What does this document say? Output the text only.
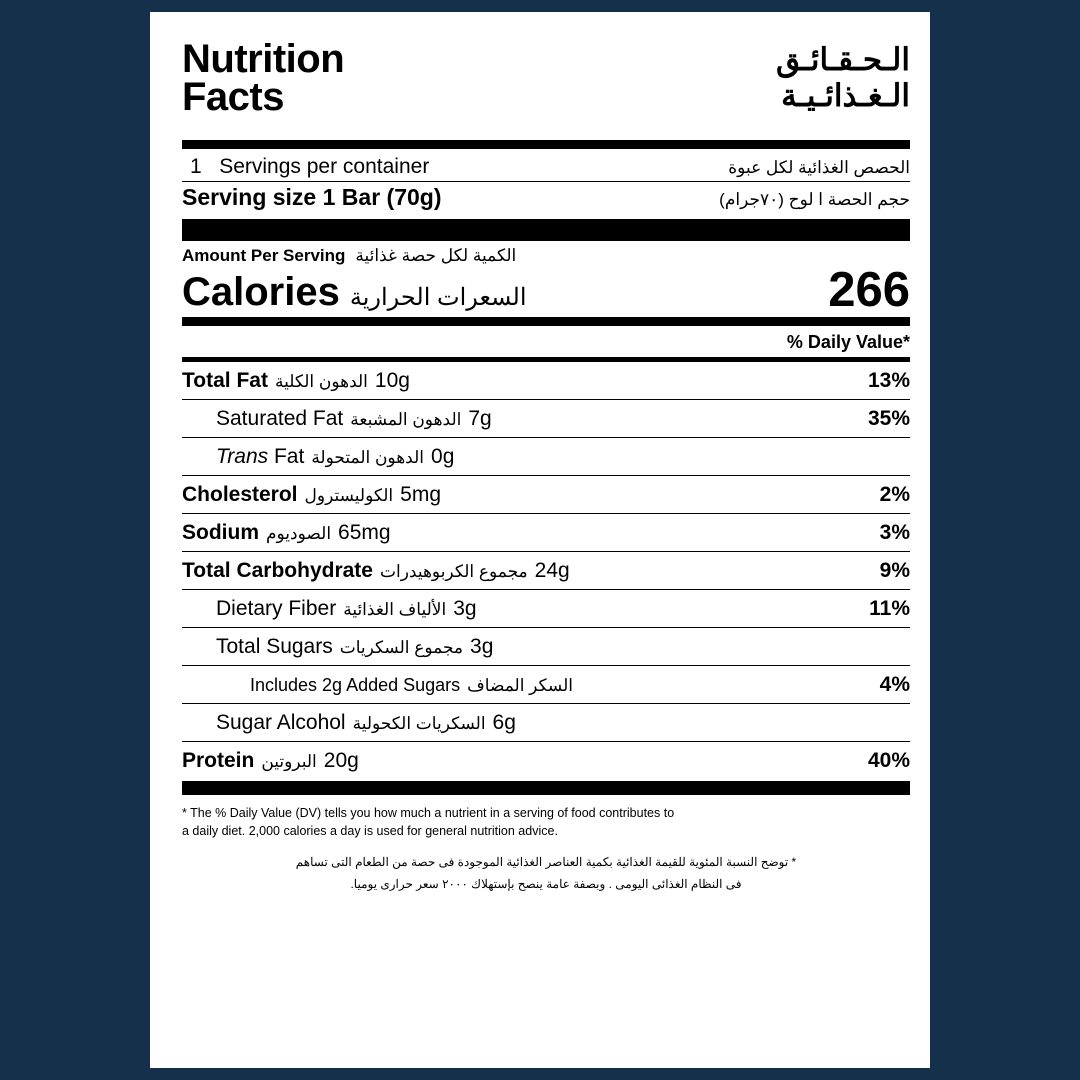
Nutrition
Facts
الـحـقـائـق
الـغـذائـيـة
1 Servings per container	الحصص الغذائية لكل عبوة
Serving size 1 Bar (70g)	حجم الحصة ا لوح (٧٠جرام)
Amount Per Serving الكمية لكل حصة غذائية
Calories السعرات الحرارية	266
% Daily Value*
Total Fat الدهون الكلية 10g	13%
Saturated Fat الدهون المشبعة 7g	35%
Trans Fat الدهون المتحولة 0g
Cholesterol الكوليسترول 5mg	2%
Sodium الصوديوم 65mg	3%
Total Carbohydrate مجموع الكربوهيدرات 24g	9%
Dietary Fiber الألياف الغذائية 3g	11%
Total Sugars مجموع السكريات 3g
Includes 2g Added Sugars السكر المضاف	4%
Sugar Alcohol السكريات الكحولية 6g
Protein البروتين 20g	40%
* The % Daily Value (DV) tells you how much a nutrient in a serving of food contributes to
a daily diet. 2,000 calories a day is used for general nutrition advice.
* توضح النسبة المئوية للقيمة الغذائية بكمية العناصر الغذائية الموجودة فى حصة من الطعام التى تساهم
فى النظام الغذائى اليومى . وبصفة عامة ينصح بإستهلاك ٢٠٠٠ سعر حرارى يوميا.
